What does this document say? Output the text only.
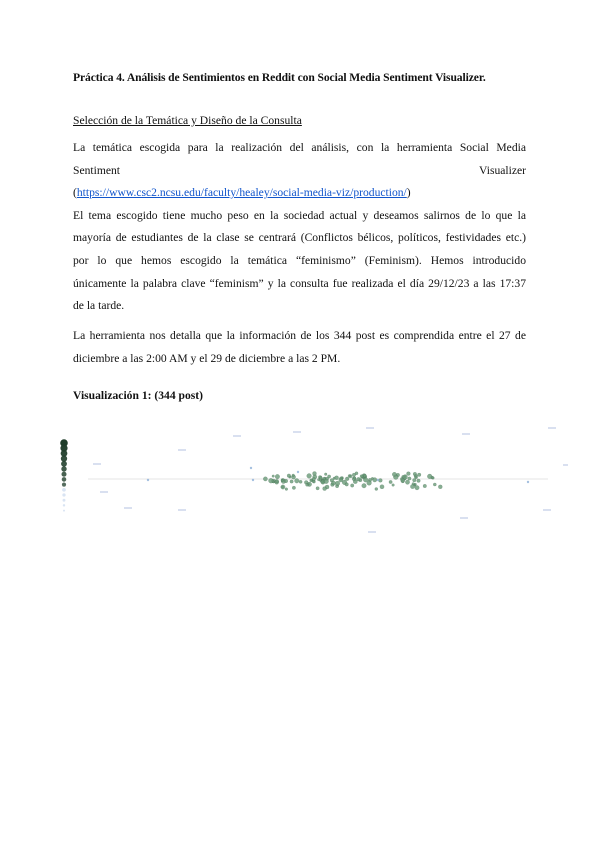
Práctica 4. Análisis de Sentimientos en Reddit con Social Media Sentiment Visualizer.
Selección de la Temática y Diseño de la Consulta
La temática escogida para la realización del análisis, con la herramienta Social Media
Sentiment	Visualizer
(https://www.csc2.ncsu.edu/faculty/healey/social-media-viz/production/)
El tema escogido tiene mucho peso en la sociedad actual y deseamos salirnos de lo que la
mayoría de estudiantes de la clase se centrará (Conflictos bélicos, políticos, festividades etc.)
por lo que hemos escogido la temática “feminismo” (Feminism). Hemos introducido
únicamente la palabra clave “feminism” y la consulta fue realizada el día 29/12/23 a las 17:37
de la tarde.
La herramienta nos detalla que la información de los 344 post es comprendida entre el 27 de
diciembre a las 2:00 AM y el 29 de diciembre a las 2 PM.
Visualización 1: (344 post)
